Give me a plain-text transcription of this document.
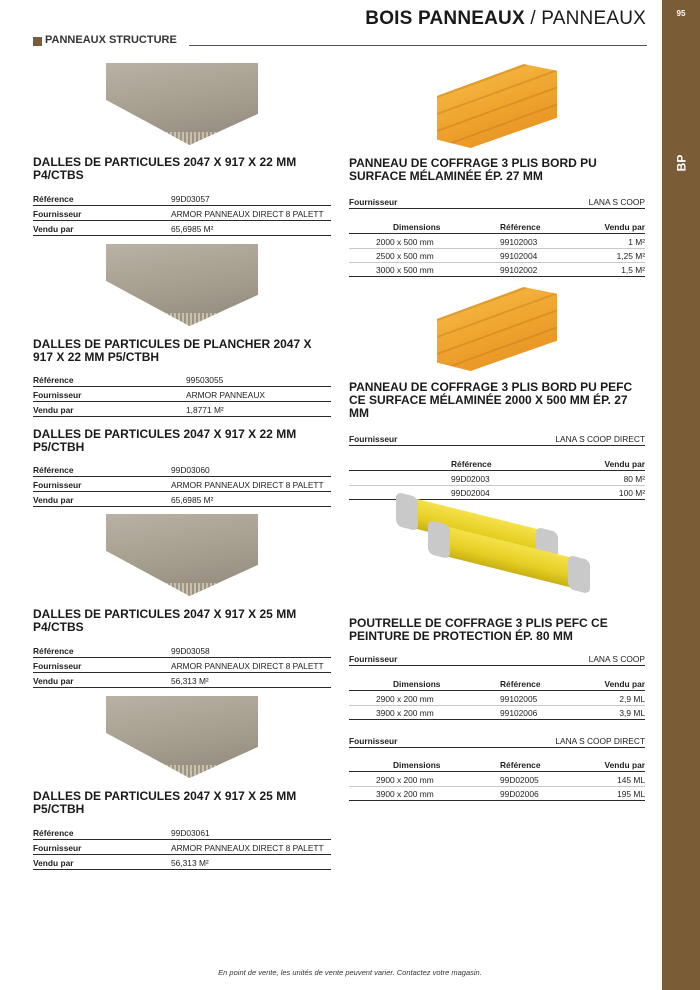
BOIS PANNEAUX / PANNEAUX	95
BP
PANNEAUX STRUCTURE
DALLES DE PARTICULES 2047 X 917 X 22 MM P4/CTBS
Référence	99D03057
Fournisseur	ARMOR PANNEAUX DIRECT 8 PALETT
Vendu par	65,6985 M²
DALLES DE PARTICULES DE PLANCHER 2047 X 917 X 22 MM P5/CTBH
Référence	99503055
Fournisseur	ARMOR PANNEAUX
Vendu par	1,8771 M²
DALLES DE PARTICULES 2047 X 917 X 22 MM P5/CTBH
Référence	99D03060
Fournisseur	ARMOR PANNEAUX DIRECT 8 PALETT
Vendu par	65,6985 M²
DALLES DE PARTICULES 2047 X 917 X 25 MM P4/CTBS
Référence	99D03058
Fournisseur	ARMOR PANNEAUX DIRECT 8 PALETT
Vendu par	56,313 M²
DALLES DE PARTICULES 2047 X 917 X 25 MM P5/CTBH
Référence	99D03061
Fournisseur	ARMOR PANNEAUX DIRECT 8 PALETT
Vendu par	56,313 M²
PANNEAU DE COFFRAGE 3 PLIS BORD PU SURFACE MÉLAMINÉE ÉP. 27 MM
Fournisseur	LANA S COOP
Dimensions	Référence	Vendu par
2000 x 500 mm	99102003	1 M²
2500 x 500 mm	99102004	1,25 M²
3000 x 500 mm	99102002	1,5 M²
PANNEAU DE COFFRAGE 3 PLIS BORD PU PEFC CE SURFACE MÉLAMINÉE 2000 X 500 MM ÉP. 27 MM
Fournisseur	LANA S COOP DIRECT
Référence	Vendu par
99D02003	80 M²
99D02004	100 M²
POUTRELLE DE COFFRAGE 3 PLIS PEFC CE PEINTURE DE PROTECTION ÉP. 80 MM
Fournisseur	LANA S COOP
Dimensions	Référence	Vendu par
2900 x 200 mm	99102005	2,9 ML
3900 x 200 mm	99102006	3,9 ML
Fournisseur	LANA S COOP DIRECT
Dimensions	Référence	Vendu par
2900 x 200 mm	99D02005	145 ML
3900 x 200 mm	99D02006	195 ML
En point de vente, les unités de vente peuvent varier. Contactez votre magasin.
